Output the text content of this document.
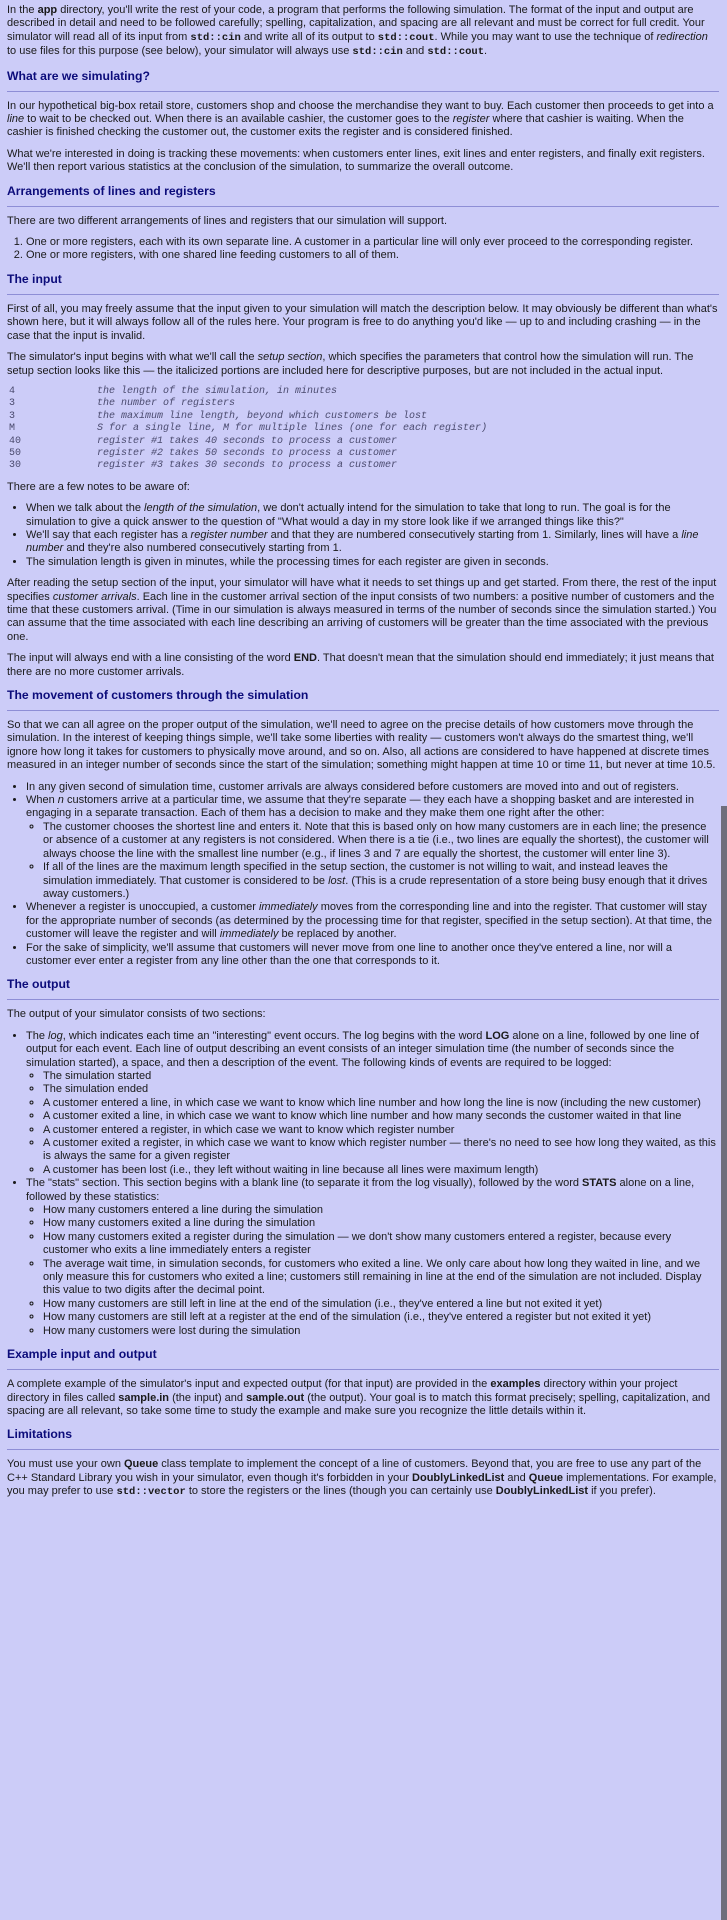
In the app directory, you'll write the rest of your code, a program that performs the following simulation. The format of the input and output are described in detail and need to be followed carefully; spelling, capitalization, and spacing are all relevant and must be correct for full credit. Your simulator will read all of its input from std::cin and write all of its output to std::cout. While you may want to use the technique of redirection to use files for this purpose (see below), your simulator will always use std::cin and std::cout.

What are we simulating?

In our hypothetical big-box retail store, customers shop and choose the merchandise they want to buy. Each customer then proceeds to get into a line to wait to be checked out. When there is an available cashier, the customer goes to the register where that cashier is waiting. When the cashier is finished checking the customer out, the customer exits the register and is considered finished.

What we're interested in doing is tracking these movements: when customers enter lines, exit lines and enter registers, and finally exit registers. We'll then report various statistics at the conclusion of the simulation, to summarize the overall outcome.

Arrangements of lines and registers

There are two different arrangements of lines and registers that our simulation will support.

1. One or more registers, each with its own separate line. A customer in a particular line will only ever proceed to the corresponding register.
2. One or more registers, with one shared line feeding customers to all of them.
The input

First of all, you may freely assume that the input given to your simulation will match the description below. It may obviously be different than what's shown here, but it will always follow all of the rules here. Your program is free to do anything you'd like — up to and including crashing — in the case that the input is invalid.

The simulator's input begins with what we'll call the setup section, which specifies the parameters that control how the simulation will run. The setup section looks like this — the italicized portions are included here for descriptive purposes, but are not included in the actual input.

4	the length of the simulation, in minutes
3	the number of registers
3	the maximum line length, beyond which customers be lost
M	S for a single line, M for multiple lines (one for each register)
40	register #1 takes 40 seconds to process a customer
50	register #2 takes 50 seconds to process a customer
30	register #3 takes 30 seconds to process a customer

There are a few notes to be aware of:

• When we talk about the length of the simulation, we don't actually intend for the simulation to take that long to run. The goal is for the simulation to give a quick answer to the question of "What would a day in my store look like if we arranged things like this?"
• We'll say that each register has a register number and that they are numbered consecutively starting from 1. Similarly, lines will have a line number and they're also numbered consecutively starting from 1.
• The simulation length is given in minutes, while the processing times for each register are given in seconds.

After reading the setup section of the input, your simulator will have what it needs to set things up and get started. From there, the rest of the input specifies customer arrivals. Each line in the customer arrival section of the input consists of two numbers: a positive number of customers and the time that these customers arrival. (Time in our simulation is always measured in terms of the number of seconds since the simulation started.) You can assume that the time associated with each line describing an arriving of customers will be greater than the time associated with the previous one.

The input will always end with a line consisting of the word END. That doesn't mean that the simulation should end immediately; it just means that there are no more customer arrivals.

The movement of customers through the simulation

So that we can all agree on the proper output of the simulation, we'll need to agree on the precise details of how customers move through the simulation. In the interest of keeping things simple, we'll take some liberties with reality — customers won't always do the smartest thing, we'll ignore how long it takes for customers to physically move around, and so on. Also, all actions are considered to have happened at discrete times measured in an integer number of seconds since the start of the simulation; something might happen at time 10 or time 11, but never at time 10.5.

• In any given second of simulation time, customer arrivals are always considered before customers are moved into and out of registers.
• When n customers arrive at a particular time, we assume that they're separate — they each have a shopping basket and are interested in engaging in a separate transaction. Each of them has a decision to make and they make them one right after the other:
◦ The customer chooses the shortest line and enters it. Note that this is based only on how many customers are in each line; the presence or absence of a customer at any registers is not considered. When there is a tie (i.e., two lines are equally the shortest), the customer will always choose the line with the smallest line number (e.g., if lines 3 and 7 are equally the shortest, the customer will enter line 3).
◦ If all of the lines are the maximum length specified in the setup section, the customer is not willing to wait, and instead leaves the simulation immediately. That customer is considered to be lost. (This is a crude representation of a store being busy enough that it drives away customers.)
• Whenever a register is unoccupied, a customer immediately moves from the corresponding line and into the register. That customer will stay for the appropriate number of seconds (as determined by the processing time for that register, specified in the setup section). At that time, the customer will leave the register and will immediately be replaced by another.
• For the sake of simplicity, we'll assume that customers will never move from one line to another once they've entered a line, nor will a customer ever enter a register from any line other than the one that corresponds to it.
The output

The output of your simulator consists of two sections:

• The log, which indicates each time an "interesting" event occurs. The log begins with the word LOG alone on a line, followed by one line of output for each event. Each line of output describing an event consists of an integer simulation time (the number of seconds since the simulation started), a space, and then a description of the event. The following kinds of events are required to be logged:
◦ The simulation started
◦ The simulation ended
◦ A customer entered a line, in which case we want to know which line number and how long the line is now (including the new customer)
◦ A customer exited a line, in which case we want to know which line number and how many seconds the customer waited in that line
◦ A customer entered a register, in which case we want to know which register number
◦ A customer exited a register, in which case we want to know which register number — there's no need to see how long they waited, as this is always the same for a given register
◦ A customer has been lost (i.e., they left without waiting in line because all lines were maximum length)
• The "stats" section. This section begins with a blank line (to separate it from the log visually), followed by the word STATS alone on a line, followed by these statistics:
◦ How many customers entered a line during the simulation
◦ How many customers exited a line during the simulation
◦ How many customers exited a register during the simulation — we don't show many customers entered a register, because every customer who exits a line immediately enters a register
◦ The average wait time, in simulation seconds, for customers who exited a line. We only care about how long they waited in line, and we only measure this for customers who exited a line; customers still remaining in line at the end of the simulation are not included. Display this value to two digits after the decimal point.
◦ How many customers are still left in line at the end of the simulation (i.e., they've entered a line but not exited it yet)
◦ How many customers are still left at a register at the end of the simulation (i.e., they've entered a register but not exited it yet)
◦ How many customers were lost during the simulation
Example input and output

A complete example of the simulator's input and expected output (for that input) are provided in the examples directory within your project directory in files called sample.in (the input) and sample.out (the output). Your goal is to match this format precisely; spelling, capitalization, and spacing are all relevant, so take some time to study the example and make sure you recognize the little details within it.

Limitations

You must use your own Queue class template to implement the concept of a line of customers. Beyond that, you are free to use any part of the C++ Standard Library you wish in your simulator, even though it's forbidden in your DoublyLinkedList and Queue implementations. For example, you may prefer to use std::vector to store the registers or the lines (though you can certainly use DoublyLinkedList if you prefer).
